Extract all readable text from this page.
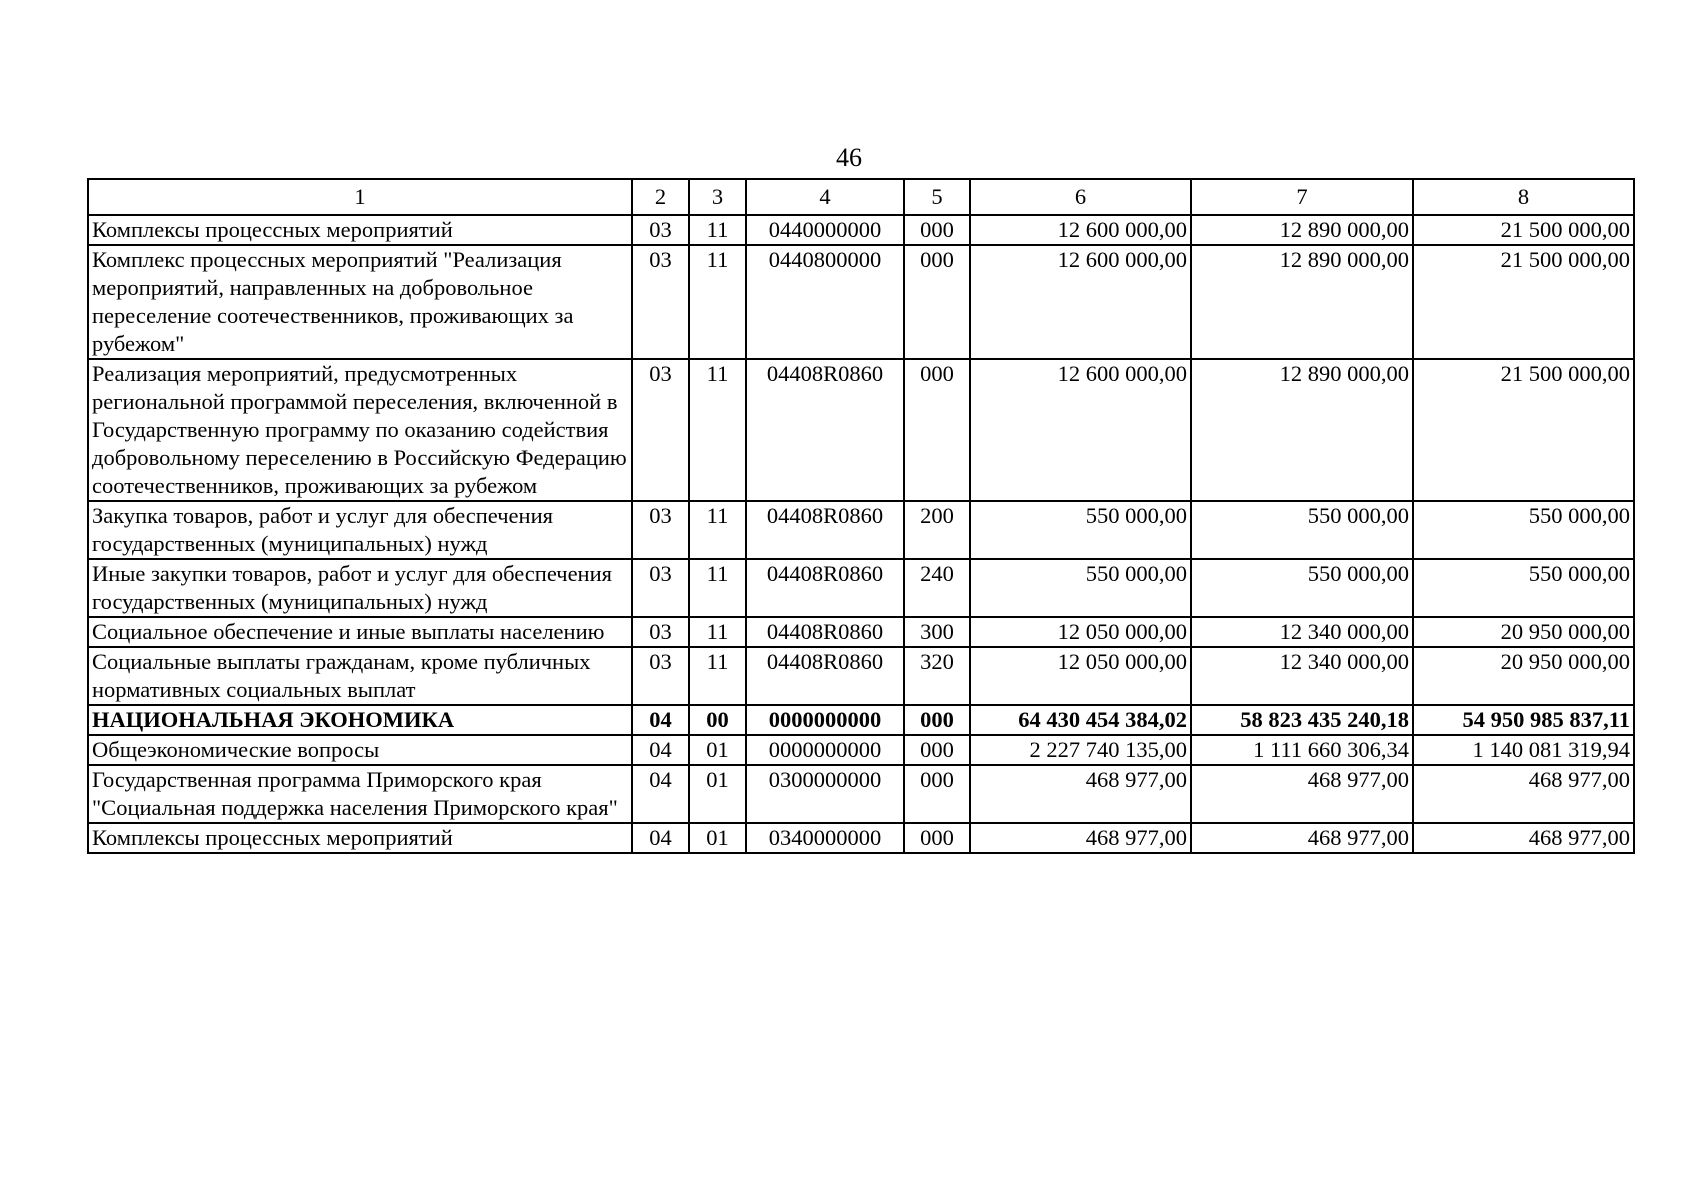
46
1	2	3	4	5	6	7	8
Комплексы процессных мероприятий	03	11	0440000000	000	12 600 000,00	12 890 000,00	21 500 000,00
Комплекс процессных мероприятий "Реализация мероприятий, направленных на добровольное переселение соотечественников, проживающих за рубежом"	03	11	0440800000	000	12 600 000,00	12 890 000,00	21 500 000,00
Реализация мероприятий, предусмотренных региональной программой переселения, включенной в Государственную программу по оказанию содействия добровольному переселению в Российскую Федерацию соотечественников, проживающих за рубежом	03	11	04408R0860	000	12 600 000,00	12 890 000,00	21 500 000,00
Закупка товаров, работ и услуг для обеспечения государственных (муниципальных) нужд	03	11	04408R0860	200	550 000,00	550 000,00	550 000,00
Иные закупки товаров, работ и услуг для обеспечения государственных (муниципальных) нужд	03	11	04408R0860	240	550 000,00	550 000,00	550 000,00
Социальное обеспечение и иные выплаты населению	03	11	04408R0860	300	12 050 000,00	12 340 000,00	20 950 000,00
Социальные выплаты гражданам, кроме публичных нормативных социальных выплат	03	11	04408R0860	320	12 050 000,00	12 340 000,00	20 950 000,00
НАЦИОНАЛЬНАЯ ЭКОНОМИКА	04	00	0000000000	000	64 430 454 384,02	58 823 435 240,18	54 950 985 837,11
Общеэкономические вопросы	04	01	0000000000	000	2 227 740 135,00	1 111 660 306,34	1 140 081 319,94
Государственная программа Приморского края "Социальная поддержка населения Приморского края"	04	01	0300000000	000	468 977,00	468 977,00	468 977,00
Комплексы процессных мероприятий	04	01	0340000000	000	468 977,00	468 977,00	468 977,00
